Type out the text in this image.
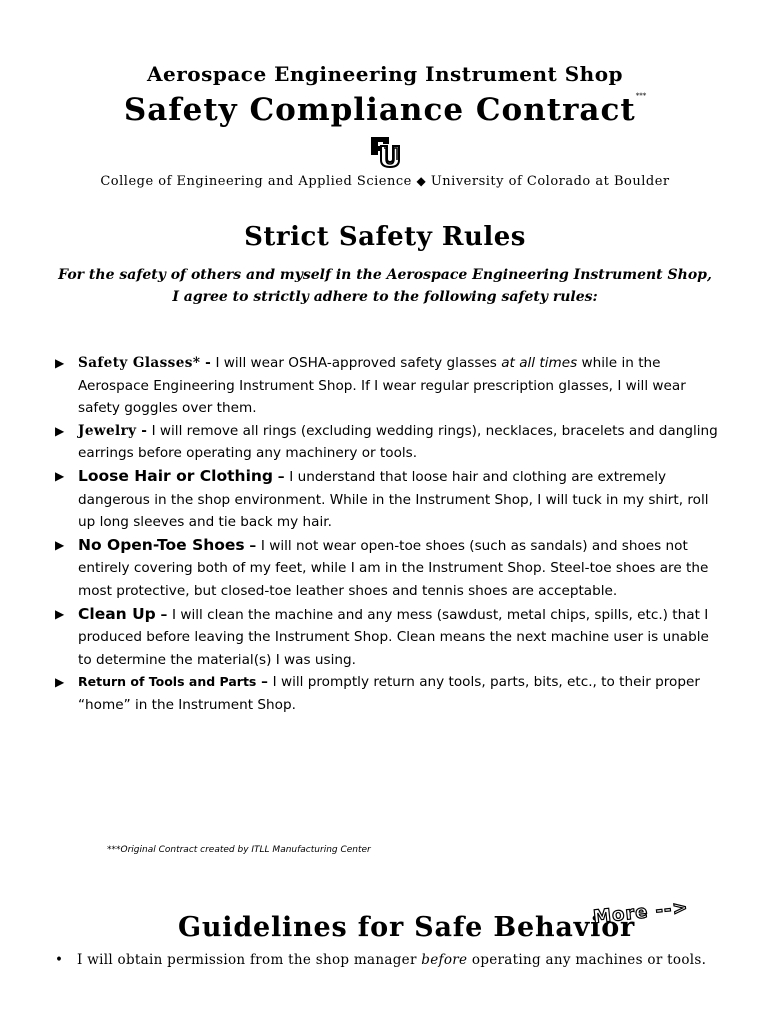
Aerospace Engineering Instrument Shop
Safety Compliance Contract***
College of Engineering and Applied Science ◆ University of Colorado at Boulder
Strict Safety Rules
For the safety of others and myself in the Aerospace Engineering Instrument Shop,
I agree to strictly adhere to the following safety rules:
▶ Safety Glasses* - I will wear OSHA-approved safety glasses at all times while in the Aerospace Engineering Instrument Shop. If I wear regular prescription glasses, I will wear safety goggles over them.
▶ Jewelry - I will remove all rings (excluding wedding rings), necklaces, bracelets and dangling earrings before operating any machinery or tools.
▶ Loose Hair or Clothing – I understand that loose hair and clothing are extremely dangerous in the shop environment. While in the Instrument Shop, I will tuck in my shirt, roll up long sleeves and tie back my hair.
▶ No Open-Toe Shoes – I will not wear open-toe shoes (such as sandals) and shoes not entirely covering both of my feet, while I am in the Instrument Shop. Steel-toe shoes are the most protective, but closed-toe leather shoes and tennis shoes are acceptable.
▶ Clean Up – I will clean the machine and any mess (sawdust, metal chips, spills, etc.) that I produced before leaving the Instrument Shop. Clean means the next machine user is unable to determine the material(s) I was using.
▶ Return of Tools and Parts – I will promptly return any tools, parts, bits, etc., to their proper “home” in the Instrument Shop.
***Original Contract created by ITLL Manufacturing Center
Guidelines for Safe Behavior
More -->
• I will obtain permission from the shop manager before operating any machines or tools.
